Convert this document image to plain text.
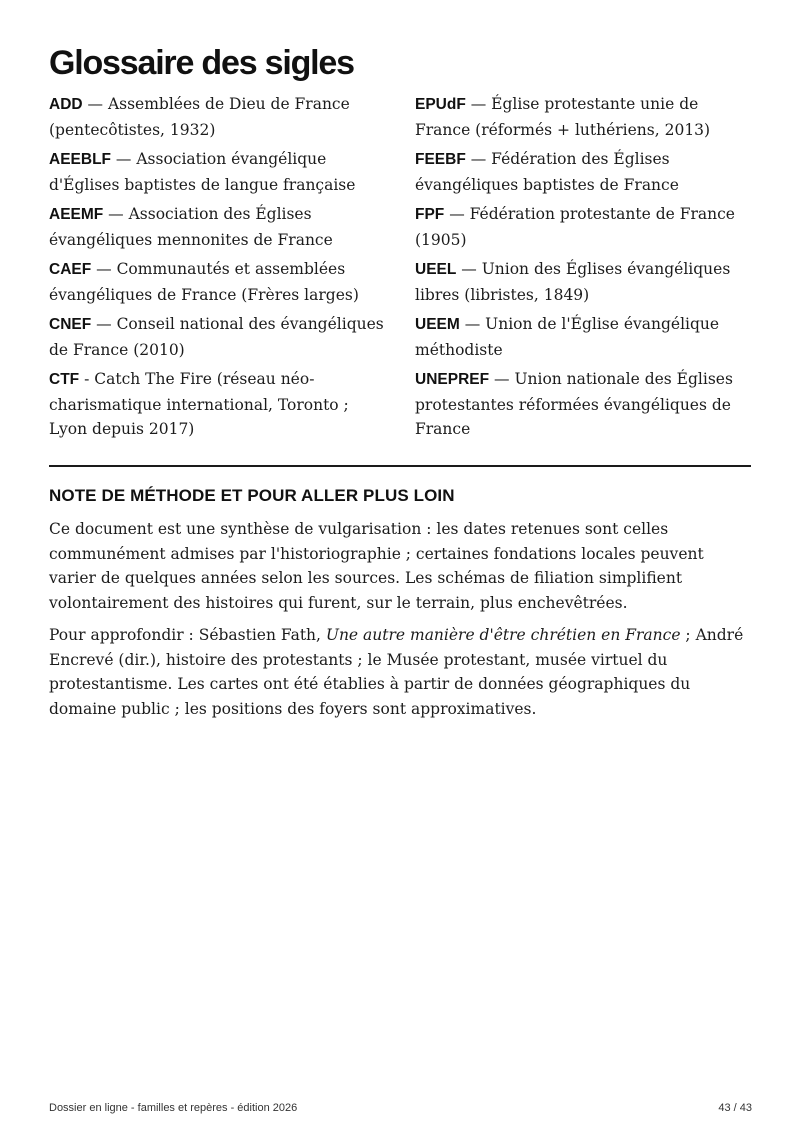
Glossaire des sigles
ADD — Assemblées de Dieu de France (pentecôtistes, 1932)
AEEBLF — Association évangélique d'Églises baptistes de langue française
AEEMF — Association des Églises évangéliques mennonites de France
CAEF — Communautés et assemblées évangéliques de France (Frères larges)
CNEF — Conseil national des évangéliques de France (2010)
CTF - Catch The Fire (réseau néo-charismatique international, Toronto ; Lyon depuis 2017)
EPUdF — Église protestante unie de France (réformés + luthériens, 2013)
FEEBF — Fédération des Églises évangéliques baptistes de France
FPF — Fédération protestante de France (1905)
UEEL — Union des Églises évangéliques libres (libristes, 1849)
UEEM — Union de l'Église évangélique méthodiste
UNEPREF — Union nationale des Églises protestantes réformées évangéliques de France
NOTE DE MÉTHODE ET POUR ALLER PLUS LOIN

Ce document est une synthèse de vulgarisation : les dates retenues sont celles communément admises par l'historiographie ; certaines fondations locales peuvent varier de quelques années selon les sources. Les schémas de filiation simplifient volontairement des histoires qui furent, sur le terrain, plus enchevêtrées.

Pour approfondir : Sébastien Fath, Une autre manière d'être chrétien en France ; André Encrevé (dir.), histoire des protestants ; le Musée protestant, musée virtuel du protestantisme. Les cartes ont été établies à partir de données géographiques du domaine public ; les positions des foyers sont approximatives.

Dossier en ligne - familles et repères - édition 2026	43 / 43
